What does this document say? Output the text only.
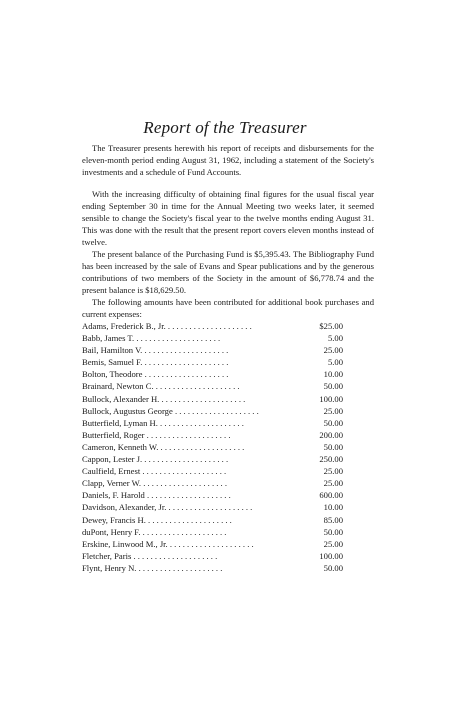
Report of the Treasurer

The Treasurer presents herewith his report of receipts and disbursements for the eleven-month period ending August 31, 1962, including a statement of the Society's investments and a schedule of Fund Accounts.

With the increasing difficulty of obtaining final figures for the usual fiscal year ending September 30 in time for the Annual Meeting two weeks later, it seemed sensible to change the Society's fiscal year to the twelve months ending August 31. This was done with the result that the present report covers eleven months instead of twelve.

The present balance of the Purchasing Fund is $5,395.43. The Bibliography Fund has been increased by the sale of Evans and Spear publications and by the generous contributions of two members of the Society in the amount of $6,778.74 and the present balance is $18,629.50.

The following amounts have been contributed for additional book purchases and current expenses:

Adams, Frederick B., Jr. . .	$25.00
Babb, James T. . .	5.00
Bail, Hamilton V. . .	25.00
Bemis, Samuel F. . .	5.00
Bolton, Theodore . .	10.00
Brainard, Newton C. . .	50.00
Bullock, Alexander H. . .	100.00
Bullock, Augustus George . .	25.00
Butterfield, Lyman H. . .	50.00
Butterfield, Roger . .	200.00
Cameron, Kenneth W. . .	50.00
Cappon, Lester J. . .	250.00
Caulfield, Ernest . .	25.00
Clapp, Verner W. . .	25.00
Daniels, F. Harold . .	600.00
Davidson, Alexander, Jr. . .	10.00
Dewey, Francis H. . .	85.00
duPont, Henry F. . .	50.00
Erskine, Linwood M., Jr. . .	25.00
Fletcher, Paris . .	100.00
Flynt, Henry N. . .	50.00
